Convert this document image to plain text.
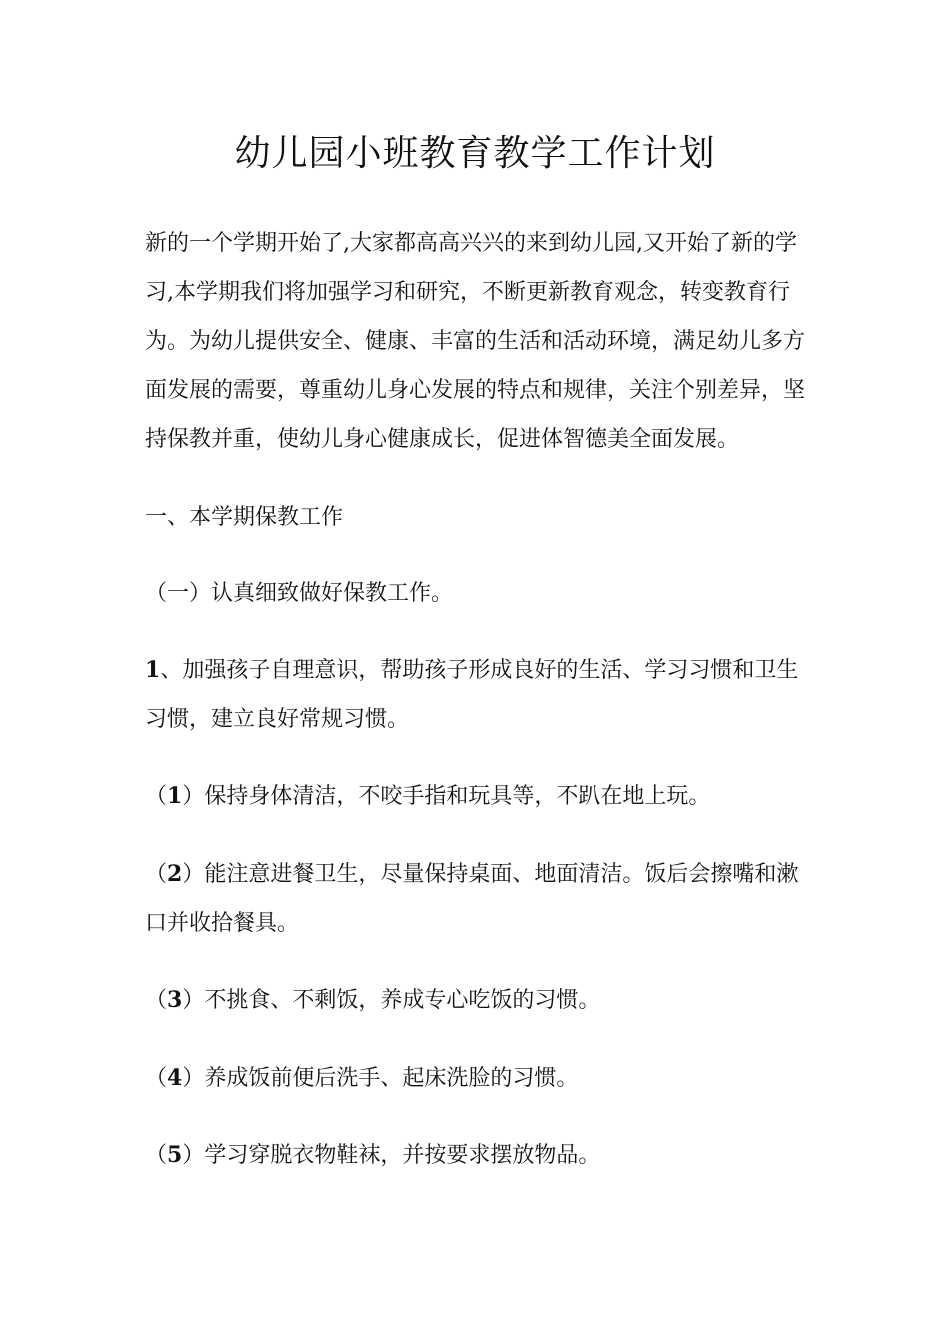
幼儿园小班教育教学工作计划

新的一个学期开始了,大家都高高兴兴的来到幼儿园,又开始了新的学
习,本学期我们将加强学习和研究，不断更新教育观念，转变教育行
为。为幼儿提供安全、健康、丰富的生活和活动环境，满足幼儿多方
面发展的需要，尊重幼儿身心发展的特点和规律，关注个别差异，坚
持保教并重，使幼儿身心健康成长，促进体智德美全面发展。

一、本学期保教工作

（一）认真细致做好保教工作。

1、加强孩子自理意识，帮助孩子形成良好的生活、学习习惯和卫生
习惯，建立良好常规习惯。

（1）保持身体清洁，不咬手指和玩具等，不趴在地上玩。

（2）能注意进餐卫生，尽量保持桌面、地面清洁。饭后会擦嘴和漱
口并收拾餐具。

（3）不挑食、不剩饭，养成专心吃饭的习惯。

（4）养成饭前便后洗手、起床洗脸的习惯。

（5）学习穿脱衣物鞋袜，并按要求摆放物品。
